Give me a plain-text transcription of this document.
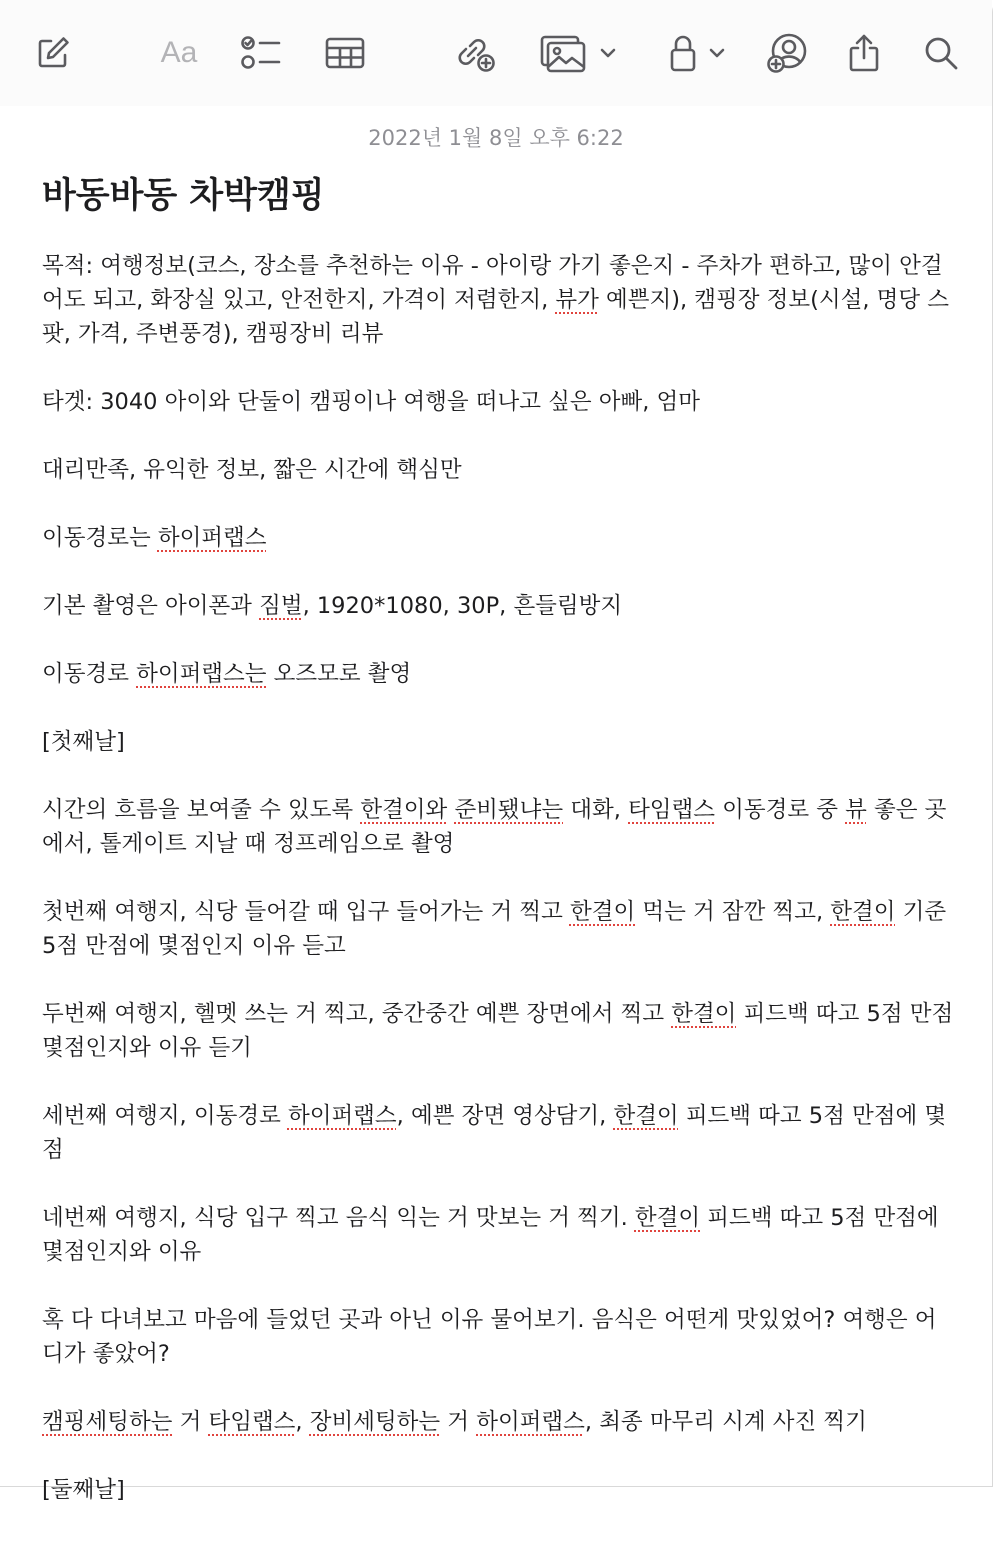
Aa
2022년 1월 8일 오후 6:22
바동바동 차박캠핑

목적: 여행정보(코스, 장소를 추천하는 이유 - 아이랑 가기 좋은지 - 주차가 편하고, 많이 안걸어도 되고, 화장실 있고, 안전한지, 가격이 저렴한지, 뷰가 예쁜지), 캠핑장 정보(시설, 명당 스팟, 가격, 주변풍경), 캠핑장비 리뷰

타겟: 3040 아이와 단둘이 캠핑이나 여행을 떠나고 싶은 아빠, 엄마

대리만족, 유익한 정보, 짧은 시간에 핵심만

이동경로는 하이퍼랩스

기본 촬영은 아이폰과 짐벌, 1920*1080, 30P, 흔들림방지

이동경로 하이퍼랩스는 오즈모로 촬영

[첫째날]

시간의 흐름을 보여줄 수 있도록 한결이와 준비됐냐는 대화, 타임랩스 이동경로 중 뷰 좋은 곳에서, 톨게이트 지날 때 정프레임으로 촬영

첫번째 여행지, 식당 들어갈 때 입구 들어가는 거 찍고 한결이 먹는 거 잠깐 찍고, 한결이 기준 5점 만점에 몇점인지 이유 듣고

두번째 여행지, 헬멧 쓰는 거 찍고, 중간중간 예쁜 장면에서 찍고 한결이 피드백 따고 5점 만점 몇점인지와 이유 듣기

세번째 여행지, 이동경로 하이퍼랩스, 예쁜 장면 영상담기, 한결이 피드백 따고 5점 만점에 몇점

네번째 여행지, 식당 입구 찍고 음식 익는 거 맛보는 거 찍기. 한결이 피드백 따고 5점 만점에 몇점인지와 이유

혹 다 다녀보고 마음에 들었던 곳과 아닌 이유 물어보기. 음식은 어떤게 맛있었어? 여행은 어디가 좋았어?

캠핑세팅하는 거 타임랩스, 장비세팅하는 거 하이퍼랩스, 최종 마무리 시계 사진 찍기

[둘째날]
